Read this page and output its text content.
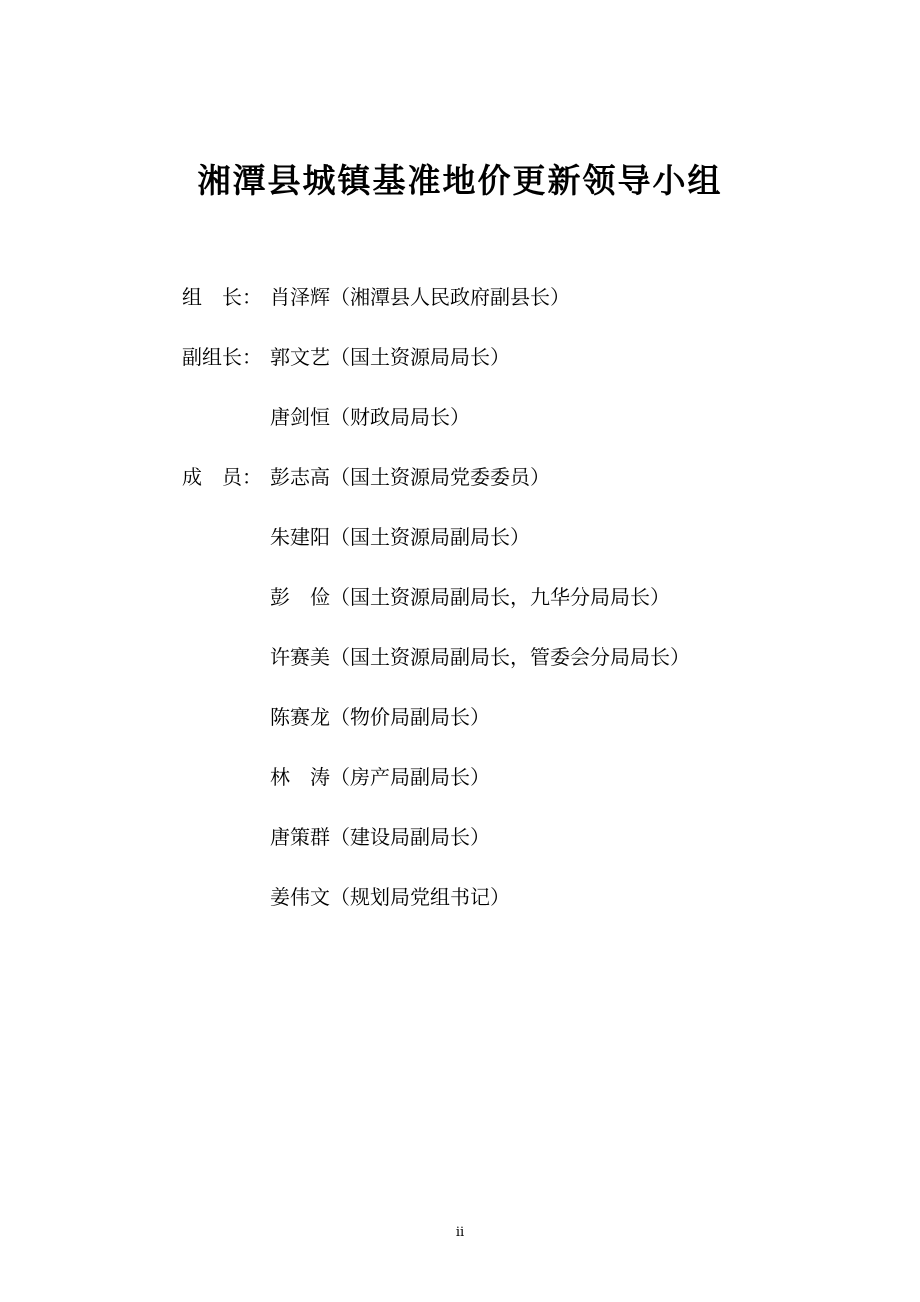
湘潭县城镇基准地价更新领导小组
组　长： 肖泽辉（湘潭县人民政府副县长）
副组长： 郭文艺（国土资源局局长）
唐剑恒（财政局局长）
成　员： 彭志高（国土资源局党委委员）
朱建阳（国土资源局副局长）
彭　俭（国土资源局副局长，九华分局局长）
许赛美（国土资源局副局长，管委会分局局长）
陈赛龙（物价局副局长）
林　涛（房产局副局长）
唐策群（建设局副局长）
姜伟文（规划局党组书记）
ii
